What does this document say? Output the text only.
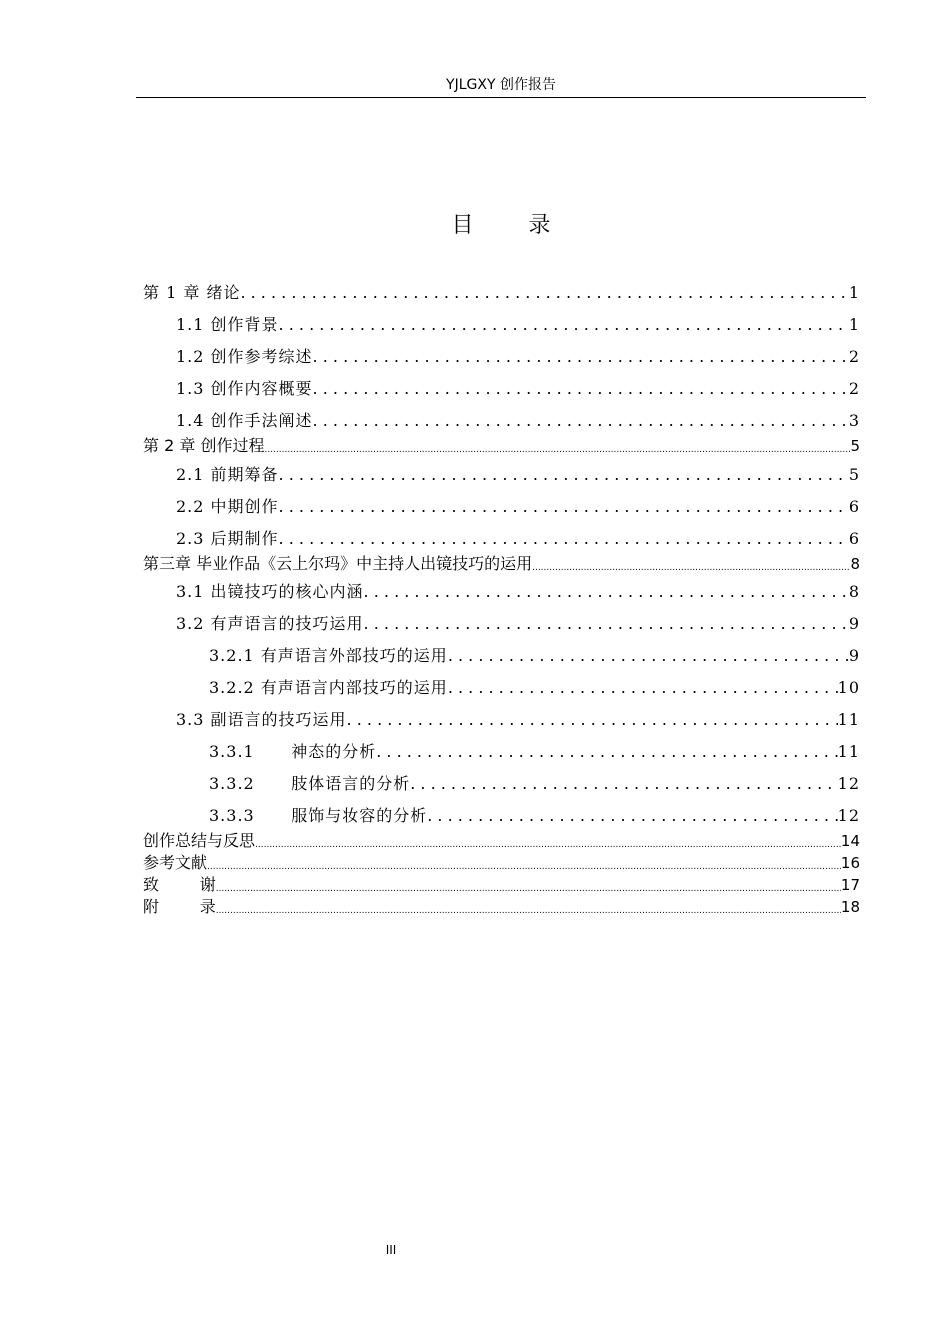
YJLGXY 创作报告
目 录
第 1 章 绪论 . . .	1
1.1 创作背景 . . .	1
1.2 创作参考综述 . . .	2
1.3 创作内容概要 . . .	2
1.4 创作手法阐述 . . .	3
第 2 章 创作过程 .....	5
2.1 前期筹备 . . .	5
2.2 中期创作 . . .	6
2.3 后期制作 . . .	6
第三章 毕业作品《云上尔玛》中主持人出镜技巧的运用 .....	8
3.1 出镜技巧的核心内涵 . . .	8
3.2 有声语言的技巧运用 . . .	9
3.2.1 有声语言外部技巧的运用 . . .	9
3.2.2 有声语言内部技巧的运用 . . .	10
3.3 副语言的技巧运用 . . .	11
3.3.1      神态的分析 . . .	11
3.3.2      肢体语言的分析 . . .	12
3.3.3      服饰与妆容的分析 . . .	12
创作总结与反思 .....	14
参考文献 .....	16
致        谢 .....	17
附        录 .....	18
III
